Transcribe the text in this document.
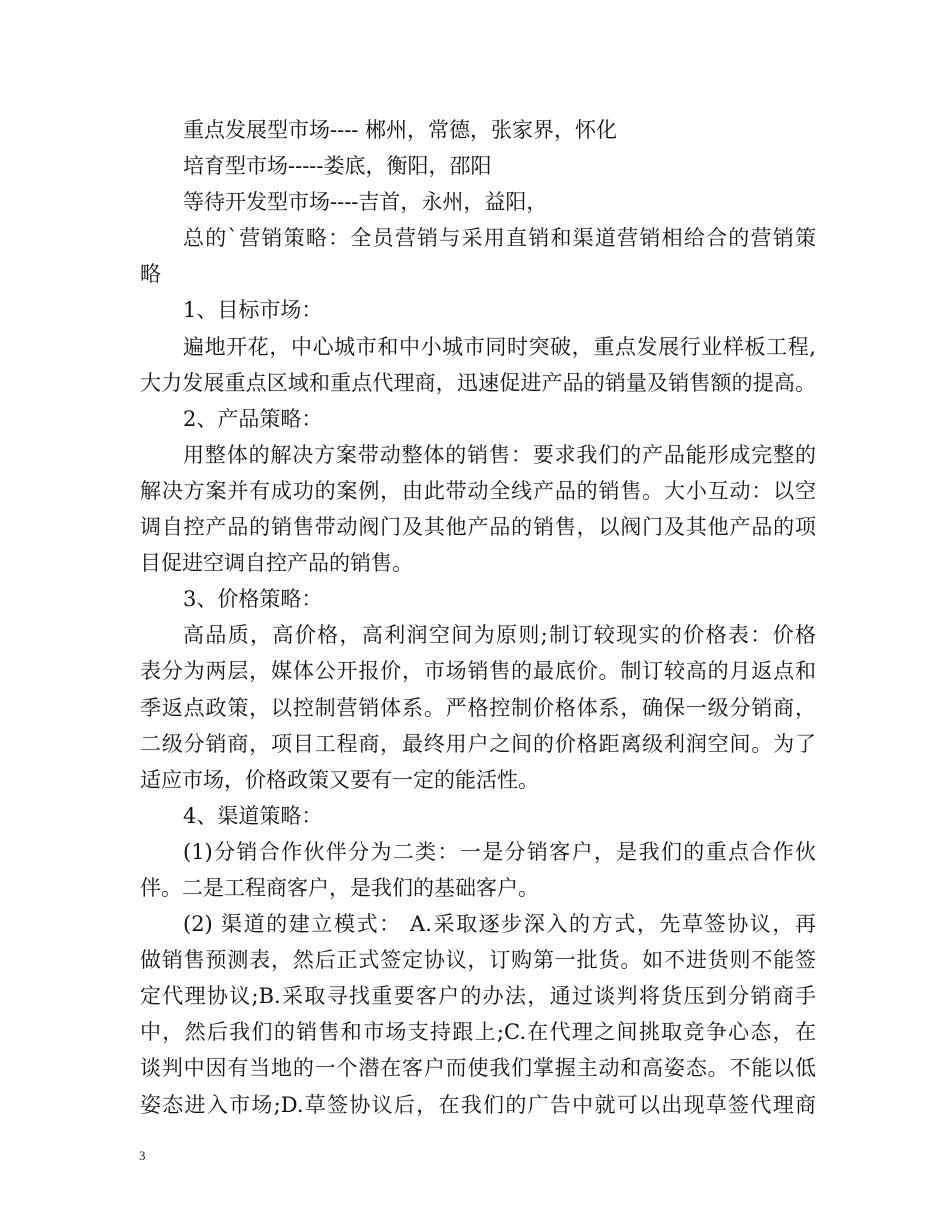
重点发展型市场---- 郴州，常德，张家界，怀化
培育型市场-----娄底，衡阳，邵阳
等待开发型市场----吉首，永州，益阳，
总的`营销策略：全员营销与采用直销和渠道营销相给合的营销策
略
1、目标市场：
遍地开花，中心城市和中小城市同时突破，重点发展行业样板工程,
大力发展重点区域和重点代理商，迅速促进产品的销量及销售额的提高。
2、产品策略：
用整体的解决方案带动整体的销售：要求我们的产品能形成完整的
解决方案并有成功的案例，由此带动全线产品的销售。大小互动：以空
调自控产品的销售带动阀门及其他产品的销售，以阀门及其他产品的项
目促进空调自控产品的销售。
3、价格策略：
高品质，高价格，高利润空间为原则;制订较现实的价格表：价格
表分为两层，媒体公开报价，市场销售的最底价。制订较高的月返点和
季返点政策，以控制营销体系。严格控制价格体系，确保一级分销商，
二级分销商，项目工程商，最终用户之间的价格距离级利润空间。为了
适应市场，价格政策又要有一定的能活性。
4、渠道策略：
(1)分销合作伙伴分为二类：一是分销客户，是我们的重点合作伙
伴。二是工程商客户，是我们的基础客户。
(2) 渠道的建立模式： A.采取逐步深入的方式，先草签协议，再
做销售预测表，然后正式签定协议，订购第一批货。如不进货则不能签
定代理协议;B.采取寻找重要客户的办法，通过谈判将货压到分销商手
中，然后我们的销售和市场支持跟上;C.在代理之间挑取竞争心态，在
谈判中因有当地的一个潜在客户而使我们掌握主动和高姿态。不能以低
姿态进入市场;D.草签协议后，在我们的广告中就可以出现草签代理商
3
